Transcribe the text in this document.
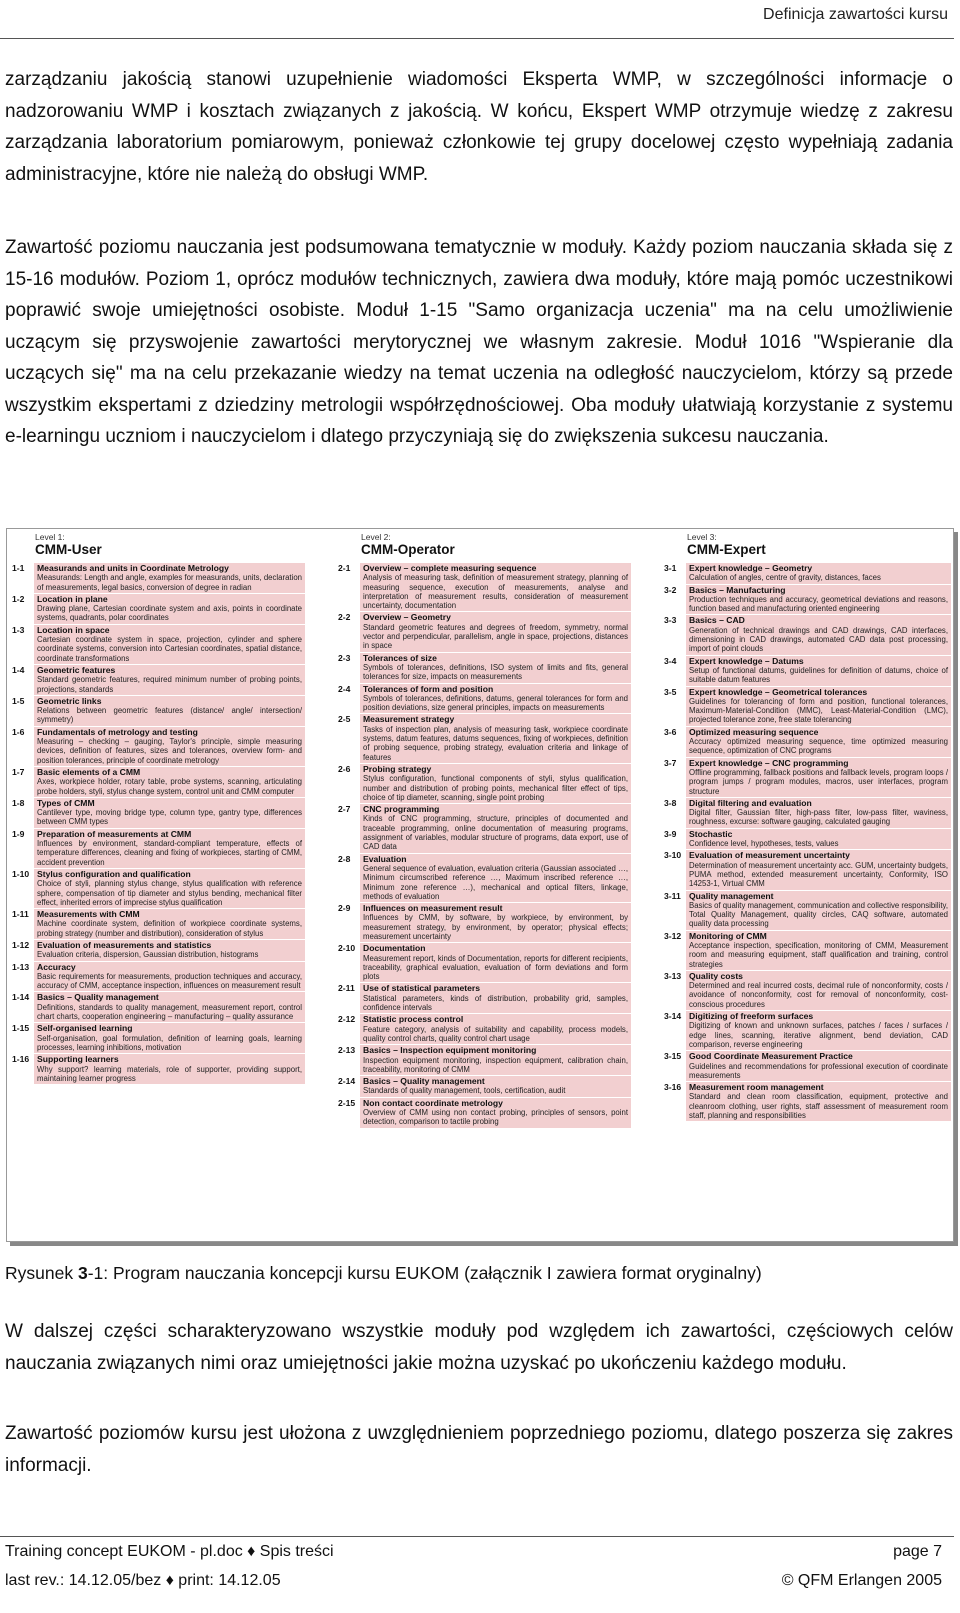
Definicja zawartości kursu

zarządzaniu jakością stanowi uzupełnienie wiadomości Eksperta WMP, w szczególności informacje o nadzorowaniu WMP i kosztach związanych z jakością. W końcu, Ekspert WMP otrzymuje wiedzę z zakresu zarządzania laboratorium pomiarowym, ponieważ członkowie tej grupy docelowej często wypełniają zadania administracyjne, które nie należą do obsługi WMP.

Zawartość poziomu nauczania jest podsumowana tematycznie w moduły. Każdy poziom nauczania składa się z 15-16 modułów. Poziom 1, oprócz modułów technicznych, zawiera dwa moduły, które mają pomóc uczestnikowi poprawić swoje umiejętności osobiste. Moduł 1-15 "Samo organizacja uczenia" ma na celu umożliwienie uczącym się przyswojenie zawartości merytorycznej we własnym zakresie. Moduł 1016 "Wspieranie dla uczących się" ma na celu przekazanie wiedzy na temat uczenia na odległość nauczycielom, którzy są przede wszystkim ekspertami z dziedziny metrologii współrzędnościowej. Oba moduły ułatwiają korzystanie z systemu e-learningu uczniom i nauczycielom i dlatego przyczyniają się do zwiększenia sukcesu nauczania.

Level 1:
CMM-User
1-1	Measurands and units in Coordinate Metrology
Measurands: Length and angle, examples for measurands, units, declaration of measurements, legal basics, conversion of degree in radian
1-2	Location in plane
Drawing plane, Cartesian coordinate system and axis, points in coordinate systems, quadrants, polar coordinates
1-3	Location in space
Cartesian coordinate system in space, projection, cylinder and sphere coordinate systems, conversion into Cartesian coordinates, spatial distance, coordinate transformations
1-4	Geometric features
Standard geometric features, required minimum number of probing points, projections, standards
1-5	Geometric links
Relations between geometric features (distance/ angle/ intersection/ symmetry)
1-6	Fundamentals of metrology and testing
Measuring – checking – gauging, Taylor's principle, simple measuring devices, definition of features, sizes and tolerances, overview form- and position tolerances, principle of coordinate metrology
1-7	Basic elements of a CMM
Axes, workpiece holder, rotary table, probe systems, scanning, articulating probe holders, styli, stylus change system, control unit and CMM computer
1-8	Types of CMM
Cantilever type, moving bridge type, column type, gantry type, differences between CMM types
1-9	Preparation of measurements at CMM
Influences by environment, standard-compliant temperature, effects of temperature differences, cleaning and fixing of workpieces, starting of CMM, accident prevention
1-10 Stylus configuration and qualification
Choice of styli, planning stylus change, stylus qualification with reference sphere, compensation of tip diameter and stylus bending, mechanical filter effect, inherited errors of imprecise stylus qualification
1-11 Measurements with CMM
Machine coordinate system, definition of workpiece coordinate systems, probing strategy (number and distribution), consideration of stylus
1-12 Evaluation of measurements and statistics
Evaluation criteria, dispersion, Gaussian distribution, histograms
1-13 Accuracy
Basic requirements for measurements, production techniques and accuracy, accuracy of CMM, acceptance inspection, influences on measurement result
1-14 Basics – Quality management
Definitions, standards to quality management, measurement report, control chart charts, cooperation engineering – manufacturing – quality assurance
1-15 Self-organised learning
Self-organisation, goal formulation, definition of learning goals, learning processes, learning inhibitions, motivation
1-16 Supporting learners
Why support? learning materials, role of supporter, providing support, maintaining learner progress
Level 2:
CMM-Operator
2-1	Overview – complete measuring sequence
Analysis of measuring task, definition of measurement strategy, planning of measuring sequence, execution of measurements, analyse and interpretation of measurement results, consideration of measurement uncertainty, documentation
2-2	Overview – Geometry
Standard geometric features and degrees of freedom, symmetry, normal vector and perpendicular, parallelism, angle in space, projections, distances in space
2-3	Tolerances of size
Symbols of tolerances, definitions, ISO system of limits and fits, general tolerances for size, impacts on measurements
2-4	Tolerances of form and position
Symbols of tolerances, definitions, datums, general tolerances for form and position deviations, size general principles, impacts on measurements
2-5	Measurement strategy
Tasks of inspection plan, analysis of measuring task, workpiece coordinate systems, datum features, datums sequences, fixing of workpieces, definition of probing sequence, probing strategy, evaluation criteria and linkage of features
2-6	Probing strategy
Stylus configuration, functional components of styli, stylus qualification, number and distribution of probing points, mechanical filter effect of tips, choice of tip diameter, scanning, single point probing
2-7	CNC programming
Kinds of CNC programming, structure, principles of documented and traceable programming, online documentation of measuring programs, assignment of variables, modular structure of programs, data export, use of CAD data
2-8	Evaluation
General sequence of evaluation, evaluation criteria (Gaussian associated …, Minimum circumscribed reference …, Maximum inscribed reference …, Minimum zone reference …), mechanical and optical filters, linkage, methods of evaluation
2-9	Influences on measurement result
Influences by CMM, by software, by workpiece, by environment, by measurement strategy, by environment, by operator; physical effects; measurement uncertainty
2-10 Documentation
Measurement report, kinds of Documentation, reports for different recipients, traceability, graphical evaluation, evaluation of form deviations and form plots
2-11 Use of statistical parameters
Statistical parameters, kinds of distribution, probability grid, samples, confidence intervals
2-12 Statistic process control
Feature category, analysis of suitability and capability, process models, quality control charts, quality control chart usage
2-13 Basics – Inspection equipment monitoring
Inspection equipment monitoring, inspection equipment, calibration chain, traceability, monitoring of CMM
2-14 Basics – Quality management
Standards of quality management, tools, certification, audit
2-15 Non contact coordinate metrology
Overview of CMM using non contact probing, principles of sensors, point detection, comparison to tactile probing
Level 3:
CMM-Expert
3-1	Expert knowledge – Geometry
Calculation of angles, centre of gravity, distances, faces
3-2	Basics – Manufacturing
Production techniques and accuracy, geometrical deviations and reasons, function based and manufacturing oriented engineering
3-3	Basics – CAD
Generation of technical drawings and CAD drawings, CAD interfaces, dimensioning in CAD drawings, automated CAD data post processing, import of point clouds
3-4	Expert knowledge – Datums
Setup of functional datums, guidelines for definition of datums, choice of suitable datum features
3-5	Expert knowledge – Geometrical tolerances
Guidelines for tolerancing of form and position, functional tolerances, Maximum-Material-Condition (MMC), Least-Material-Condition (LMC), projected tolerance zone, free state tolerancing
3-6	Optimized measuring sequence
Accuracy optimized measuring sequence, time optimized measuring sequence, optimization of CNC programs
3-7	Expert knowledge – CNC programming
Offline programming, fallback positions and fallback levels, program loops / program jumps / program modules, macros, user interfaces, program structure
3-8	Digital filtering and evaluation
Digital filter, Gaussian filter, high-pass filter, low-pass filter, waviness, roughness, excurse: software gauging, calculated gauging
3-9	Stochastic
Confidence level, hypotheses, tests, values
3-10 Evaluation of measurement uncertainty
Determination of measurement uncertainty acc. GUM, uncertainty budgets, PUMA method, extended measurement uncertainty, Conformity, ISO 14253-1, Virtual CMM
3-11 Quality management
Basics of quality management, communication and collective responsibility, Total Quality Management, quality circles, CAQ software, automated quality data processing
3-12 Monitoring of CMM
Acceptance inspection, specification, monitoring of CMM, Measurement room and measuring equipment, staff qualification and training, control strategies
3-13 Quality costs
Determined and real incurred costs, decimal rule of nonconformity, costs / avoidance of nonconformity, cost for removal of nonconformity, cost-conscious procedures
3-14 Digitizing of freeform surfaces
Digitizing of known and unknown surfaces, patches / faces / surfaces / edge lines, scanning, iterative alignment, bend deviation, CAD comparison, reverse engineering
3-15 Good Coordinate Measurement Practice
Guidelines and recommendations for professional execution of coordinate measurements
3-16 Measurement room management
Standard and clean room classification, equipment, protective and cleanroom clothing, user rights, staff assessment of measurement room staff, planning and responsibilities
Rysunek 3-1: Program nauczania koncepcji kursu EUKOM (załącznik I zawiera format oryginalny)

W dalszej części scharakteryzowano wszystkie moduły pod względem ich zawartości, częściowych celów nauczania związanych nimi oraz umiejętności jakie można uzyskać po ukończeniu każdego modułu.

Zawartość poziomów kursu jest ułożona z uwzględnieniem poprzedniego poziomu, dlatego poszerza się zakres informacji.

Training concept EUKOM - pl.doc ♦ Spis treści	page 7
last rev.: 14.12.05/bez ♦ print: 14.12.05	© QFM Erlangen 2005
